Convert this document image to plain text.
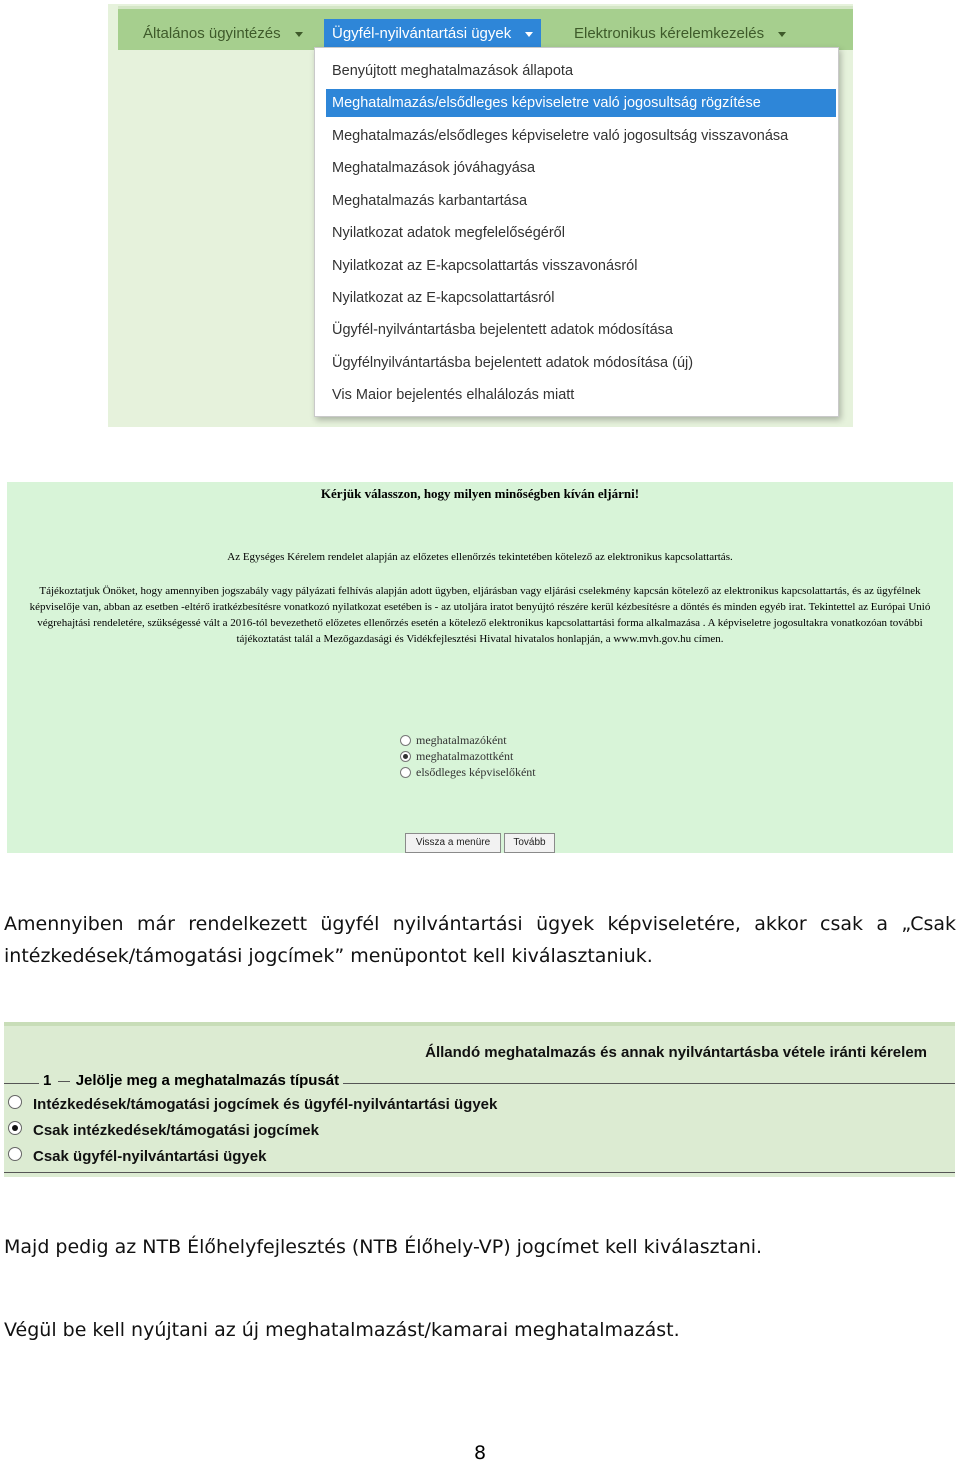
Általános ügyintézés	Ügyfél-nyilvántartási ügyek	Elektronikus kérelemkezelés
Benyújtott meghatalmazások állapota
Meghatalmazás/elsődleges képviseletre való jogosultság rögzítése
Meghatalmazás/elsődleges képviseletre való jogosultság visszavonása
Meghatalmazások jóváhagyása
Meghatalmazás karbantartása
Nyilatkozat adatok megfelelőségéről
Nyilatkozat az E-kapcsolattartás visszavonásról
Nyilatkozat az E-kapcsolattartásról
Ügyfél-nyilvántartásba bejelentett adatok módosítása
Ügyfélnyilvántartásba bejelentett adatok módosítása (új)
Vis Maior bejelentés elhalálozás miatt
Kérjük válasszon, hogy milyen minőségben kíván eljárni!
Az Egységes Kérelem rendelet alapján az előzetes ellenőrzés tekintetében kötelező az elektronikus kapcsolattartás.
Tájékoztatjuk Önöket, hogy amennyiben jogszabály vagy pályázati felhívás alapján adott ügyben, eljárásban vagy eljárási cselekmény kapcsán kötelező az elektronikus kapcsolattartás, és az ügyfélnek képviselője van, abban az esetben -eltérő iratkézbesítésre vonatkozó nyilatkozat esetében is - az utoljára iratot benyújtó részére kerül kézbesítésre a döntés és minden egyéb irat. Tekintettel az Európai Unió végrehajtási rendeletére, szükségessé vált a 2016-tól bevezethető előzetes ellenőrzés esetén a kötelező elektronikus kapcsolattartási forma alkalmazása . A képviseletre jogosultakra vonatkozóan további tájékoztatást talál a Mezőgazdasági és Vidékfejlesztési Hivatal hivatalos honlapján, a www.mvh.gov.hu címen.
meghatalmazóként
meghatalmazottként
elsődleges képviselőként
Vissza a menüre	Tovább
Amennyiben már rendelkezett ügyfél nyilvántartási ügyek képviseletére, akkor csak a „Csak intézkedések/támogatási jogcímek” menüpontot kell kiválasztaniuk.
Állandó meghatalmazás és annak nyilvántartásba vétele iránti kérelem
1 Jelölje meg a meghatalmazás típusát
Intézkedések/támogatási jogcímek és ügyfél-nyilvántartási ügyek
Csak intézkedések/támogatási jogcímek
Csak ügyfél-nyilvántartási ügyek
Majd pedig az NTB Élőhelyfejlesztés (NTB Élőhely-VP) jogcímet kell kiválasztani.
Végül be kell nyújtani az új meghatalmazást/kamarai meghatalmazást.
8
